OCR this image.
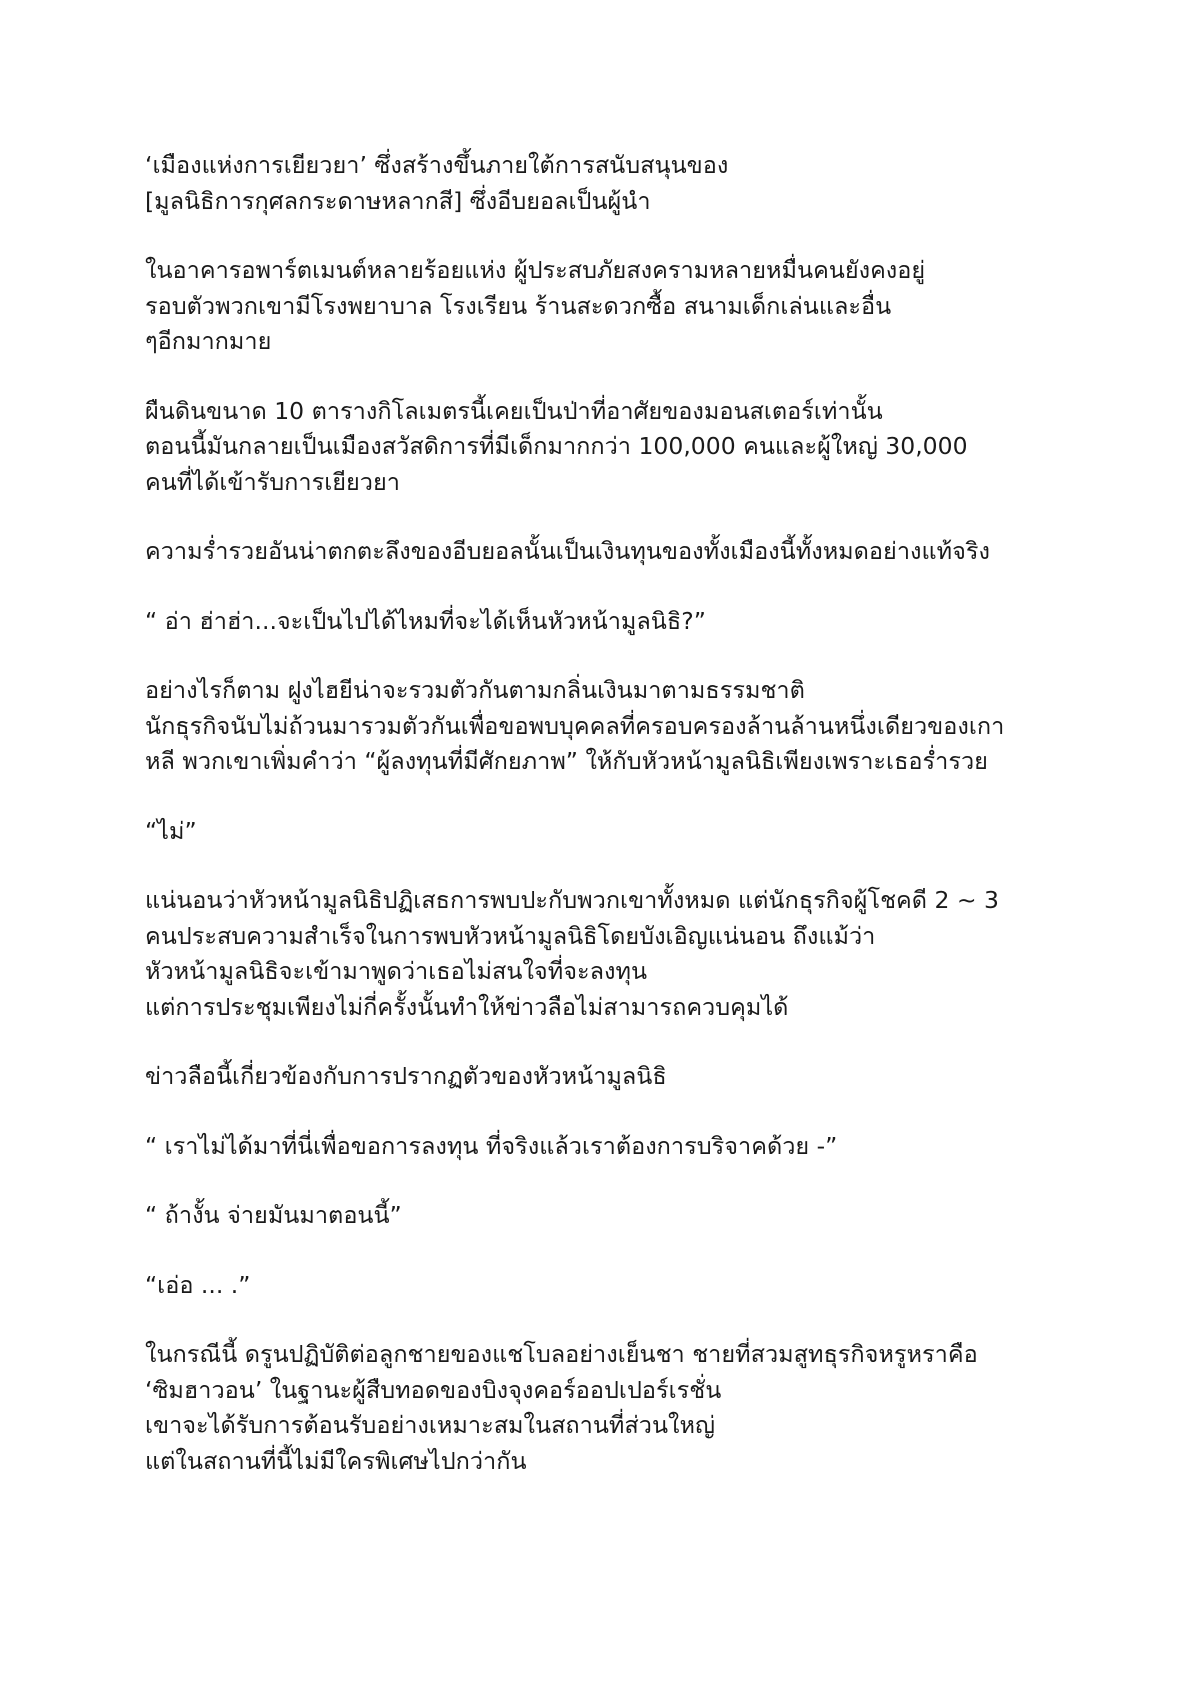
‘เมืองแห่งการเยียวยา’ ซึ่งสร้างขึ้นภายใต้การสนับสนุนของ
[มูลนิธิการกุศลกระดาษหลากสี] ซึ่งอีบยอลเป็นผู้นำ

ในอาคารอพาร์ตเมนต์หลายร้อยแห่ง ผู้ประสบภัยสงครามหลายหมื่นคนยังคงอยู่
รอบตัวพวกเขามีโรงพยาบาล โรงเรียน ร้านสะดวกซื้อ สนามเด็กเล่นและอื่น
ๆอีกมากมาย

ผืนดินขนาด 10 ตารางกิโลเมตรนี้เคยเป็นป่าที่อาศัยของมอนสเตอร์เท่านั้น
ตอนนี้มันกลายเป็นเมืองสวัสดิการที่มีเด็กมากกว่า 100,000 คนและผู้ใหญ่ 30,000
คนที่ได้เข้ารับการเยียวยา

ความร่ำรวยอันน่าตกตะลึงของอีบยอลนั้นเป็นเงินทุนของทั้งเมืองนี้ทั้งหมดอย่างแท้จริง

“ อ่า ฮ่าฮ่า...จะเป็นไปได้ไหมที่จะได้เห็นหัวหน้ามูลนิธิ?”

อย่างไรก็ตาม ฝูงไฮยีน่าจะรวมตัวกันตามกลิ่นเงินมาตามธรรมชาติ
นักธุรกิจนับไม่ถ้วนมารวมตัวกันเพื่อขอพบบุคคลที่ครอบครองล้านล้านหนึ่งเดียวของเกา
หลี พวกเขาเพิ่มคำว่า “ผู้ลงทุนที่มีศักยภาพ” ให้กับหัวหน้ามูลนิธิเพียงเพราะเธอร่ำรวย

“ไม่”

แน่นอนว่าหัวหน้ามูลนิธิปฏิเสธการพบปะกับพวกเขาทั้งหมด แต่นักธุรกิจผู้โชคดี 2 ~ 3
คนประสบความสำเร็จในการพบหัวหน้ามูลนิธิโดยบังเอิญแน่นอน ถึงแม้ว่า
หัวหน้ามูลนิธิจะเข้ามาพูดว่าเธอไม่สนใจที่จะลงทุน
แต่การประชุมเพียงไม่กี่ครั้งนั้นทำให้ข่าวลือไม่สามารถควบคุมได้

ข่าวลือนี้เกี่ยวข้องกับการปรากฏตัวของหัวหน้ามูลนิธิ

“ เราไม่ได้มาที่นี่เพื่อขอการลงทุน ที่จริงแล้วเราต้องการบริจาคด้วย -”

“ ถ้างั้น จ่ายมันมาตอนนี้”

“เอ่อ ... .”

ในกรณีนี้ ดรูนปฏิบัติต่อลูกชายของแชโบลอย่างเย็นชา ชายที่สวมสูทธุรกิจหรูหราคือ
‘ซิมฮาวอน’ ในฐานะผู้สืบทอดของบิงจุงคอร์ออปเปอร์เรชั่น
เขาจะได้รับการต้อนรับอย่างเหมาะสมในสถานที่ส่วนใหญ่
แต่ในสถานที่นี้ไม่มีใครพิเศษไปกว่ากัน
